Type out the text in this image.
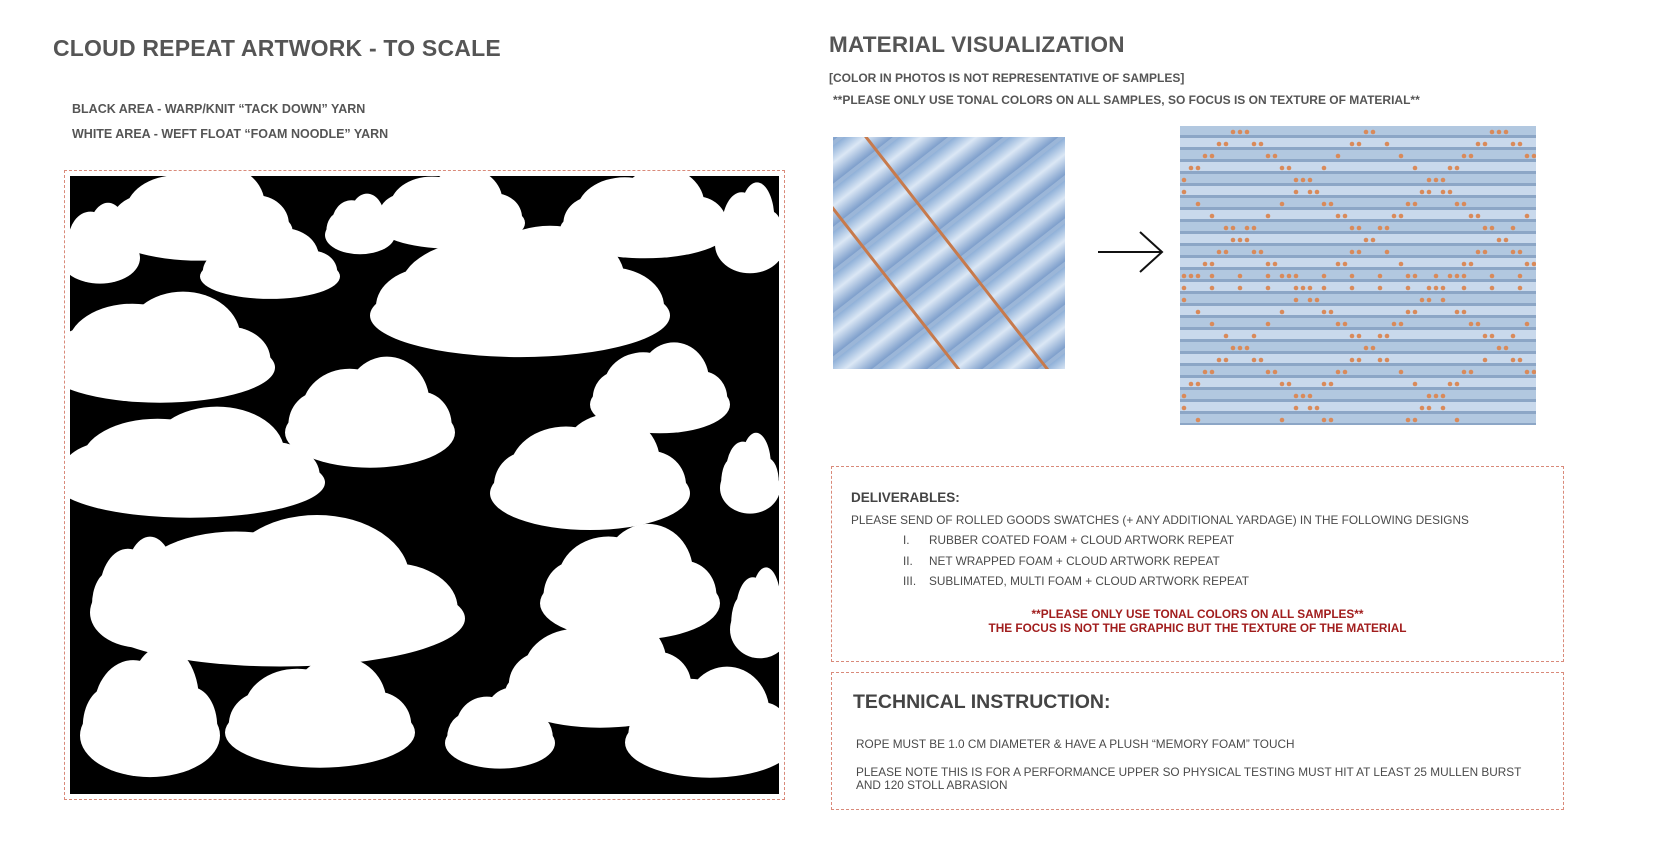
CLOUD REPEAT ARTWORK - TO SCALE
BLACK AREA - WARP/KNIT “TACK DOWN” YARN
WHITE AREA - WEFT FLOAT “FOAM NOODLE” YARN
MATERIAL VISUALIZATION
[COLOR IN PHOTOS IS NOT REPRESENTATIVE OF SAMPLES]
**PLEASE ONLY USE TONAL COLORS ON ALL SAMPLES, SO FOCUS IS ON TEXTURE OF MATERIAL**
DELIVERABLES:
PLEASE SEND OF ROLLED GOODS SWATCHES (+ ANY ADDITIONAL YARDAGE) IN THE FOLLOWING DESIGNS
I. RUBBER COATED FOAM + CLOUD ARTWORK REPEAT
II. NET WRAPPED FOAM + CLOUD ARTWORK REPEAT
III. SUBLIMATED, MULTI FOAM + CLOUD ARTWORK REPEAT
**PLEASE ONLY USE TONAL COLORS ON ALL SAMPLES**
THE FOCUS IS NOT THE GRAPHIC BUT THE TEXTURE OF THE MATERIAL
TECHNICAL INSTRUCTION:
ROPE MUST BE 1.0 CM DIAMETER & HAVE A PLUSH “MEMORY FOAM” TOUCH
PLEASE NOTE THIS IS FOR A PERFORMANCE UPPER SO PHYSICAL TESTING MUST HIT AT LEAST 25 MULLEN BURST
AND 120 STOLL ABRASION
